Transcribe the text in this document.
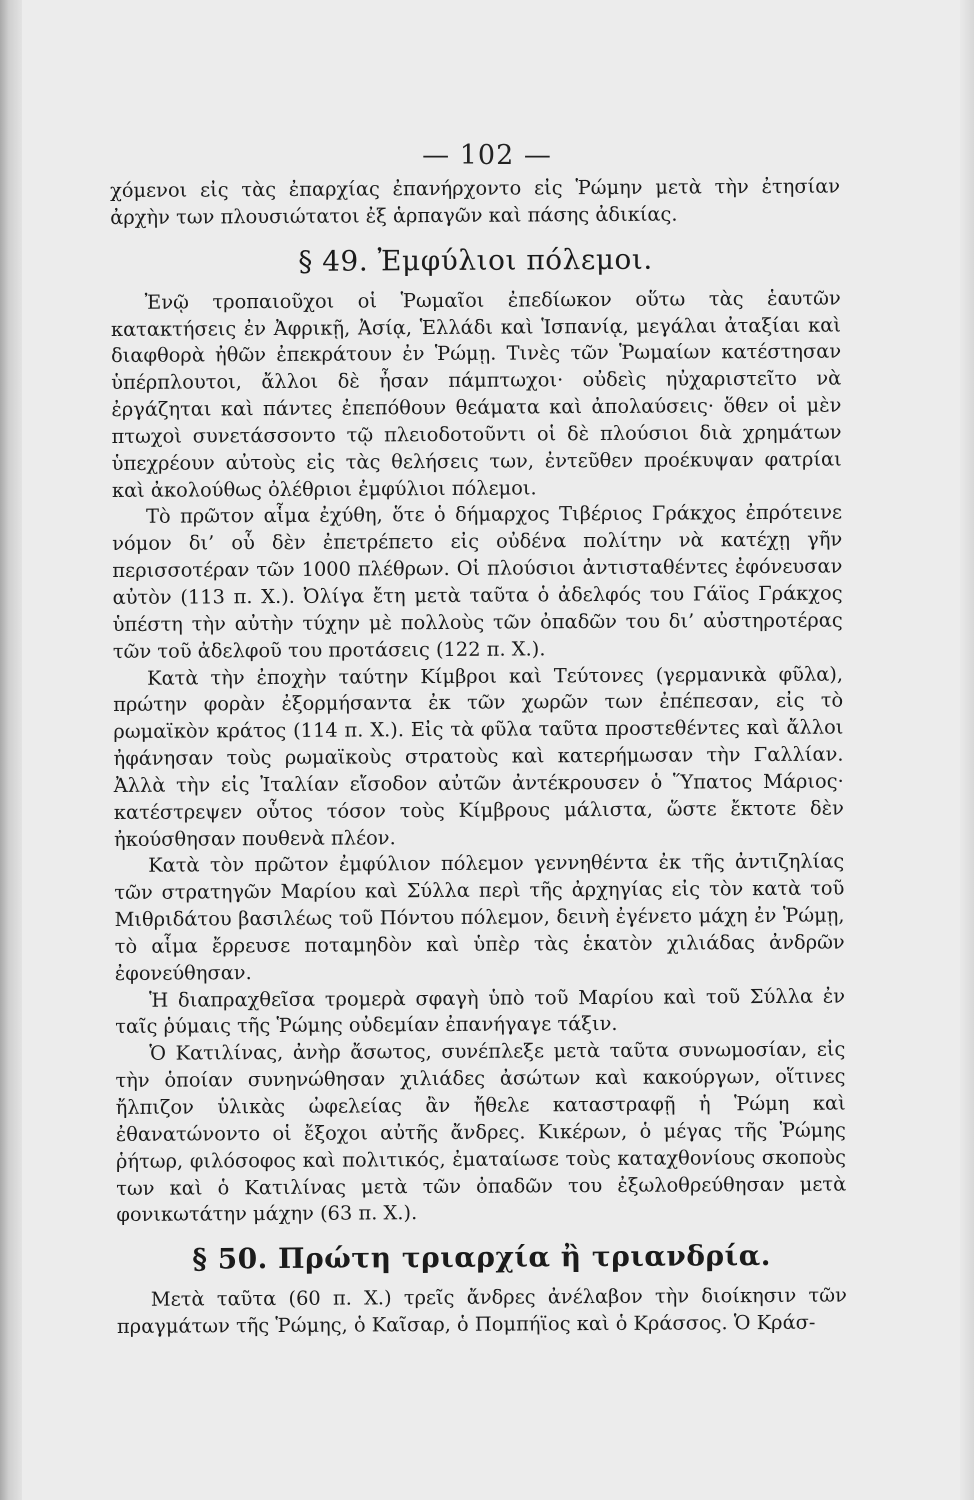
— 102 —

χόμενοι εἰς τὰς ἐπαρχίας ἐπανήρχοντο εἰς Ῥώμην μετὰ τὴν ἐτησίαν ἀρχὴν των πλουσιώτατοι ἐξ ἁρπαγῶν καὶ πάσης ἀδικίας.

§ 49. Ἐμφύλιοι πόλεμοι.

Ἐνῷ τροπαιοῦχοι οἱ Ῥωμαῖοι ἐπεδίωκον οὕτω τὰς ἑαυτῶν κατακτήσεις ἐν Ἀφρικῇ, Ἀσίᾳ, Ἑλλάδι καὶ Ἱσπανίᾳ, μεγάλαι ἀταξίαι καὶ διαφθορὰ ἠθῶν ἐπεκράτουν ἐν Ῥώμῃ. Τινὲς τῶν Ῥωμαίων κατέστησαν ὑπέρπλουτοι, ἄλλοι δὲ ἦσαν πάμπτωχοι· οὐδεὶς ηὐχαριστεῖτο νὰ ἐργάζηται καὶ πάντες ἐπεπόθουν θεάματα καὶ ἀπολαύσεις· ὅθεν οἱ μὲν πτωχοὶ συνετάσσοντο τῷ πλειοδοτοῦντι οἱ δὲ πλούσιοι διὰ χρημάτων ὑπεχρέουν αὐτοὺς εἰς τὰς θελήσεις των, ἐντεῦθεν προέκυψαν φατρίαι καὶ ἀκολούθως ὀλέθριοι ἐμφύλιοι πόλεμοι.

Τὸ πρῶτον αἷμα ἐχύθη, ὅτε ὁ δήμαρχος Τιβέριος Γράκχος ἐπρότεινε νόμον δι’ οὗ δὲν ἐπετρέπετο εἰς οὐδένα πολίτην νὰ κατέχῃ γῆν περισσοτέραν τῶν 1000 πλέθρων. Οἱ πλούσιοι ἀντισταθέντες ἐφόνευσαν αὐτὸν (113 π. Χ.). Ὀλίγα ἔτη μετὰ ταῦτα ὁ ἀδελφός του Γάϊος Γράκχος ὑπέστη τὴν αὐτὴν τύχην μὲ πολλοὺς τῶν ὀπαδῶν του δι’ αὐστηροτέρας τῶν τοῦ ἀδελφοῦ του προτάσεις (122 π. Χ.).

Κατὰ τὴν ἐποχὴν ταύτην Κίμβροι καὶ Τεύτονες (γερμανικὰ φῦλα), πρώτην φορὰν ἐξορμήσαντα ἐκ τῶν χωρῶν των ἐπέπεσαν, εἰς τὸ ρωμαϊκὸν κράτος (114 π. Χ.). Εἰς τὰ φῦλα ταῦτα προστεθέντες καὶ ἄλλοι ἠφάνησαν τοὺς ρωμαϊκοὺς στρατοὺς καὶ κατερήμωσαν τὴν Γαλλίαν. Ἀλλὰ τὴν εἰς Ἰταλίαν εἴσοδον αὐτῶν ἀντέκρουσεν ὁ Ὕπατος Μάριος· κατέστρεψεν οὗτος τόσον τοὺς Κίμβρους μάλιστα, ὥστε ἔκτοτε δὲν ἠκούσθησαν πουθενὰ πλέον.

Κατὰ τὸν πρῶτον ἐμφύλιον πόλεμον γεννηθέντα ἐκ τῆς ἀντιζηλίας τῶν στρατηγῶν Μαρίου καὶ Σύλλα περὶ τῆς ἀρχηγίας εἰς τὸν κατὰ τοῦ Μιθριδάτου βασιλέως τοῦ Πόντου πόλεμον, δεινὴ ἐγένετο μάχη ἐν Ῥώμῃ, τὸ αἷμα ἔρρευσε ποταμηδὸν καὶ ὑπὲρ τὰς ἑκατὸν χιλιάδας ἀνδρῶν ἐφονεύθησαν.

Ἡ διαπραχθεῖσα τρομερὰ σφαγὴ ὑπὸ τοῦ Μαρίου καὶ τοῦ Σύλλα ἐν ταῖς ῥύμαις τῆς Ῥώμης οὐδεμίαν ἐπανήγαγε τάξιν.

Ὁ Κατιλίνας, ἀνὴρ ἄσωτος, συνέπλεξε μετὰ ταῦτα συνωμοσίαν, εἰς τὴν ὁποίαν συνηνώθησαν χιλιάδες ἀσώτων καὶ κακούργων, οἵτινες ἤλπιζον ὑλικὰς ὠφελείας ἂν ἤθελε καταστραφῇ ἡ Ῥώμη καὶ ἐθανατώνοντο οἱ ἔξοχοι αὐτῆς ἄνδρες. Κικέρων, ὁ μέγας τῆς Ῥώμης ῥήτωρ, φιλόσοφος καὶ πολιτικός, ἐματαίωσε τοὺς καταχθονίους σκοποὺς των καὶ ὁ Κατιλίνας μετὰ τῶν ὀπαδῶν του ἐξωλοθρεύθησαν μετὰ φονικωτάτην μάχην (63 π. Χ.).

§ 50. Πρώτη τριαρχία ἢ τριανδρία.

Μετὰ ταῦτα (60 π. Χ.) τρεῖς ἄνδρες ἀνέλαβον τὴν διοίκησιν τῶν πραγμάτων τῆς Ῥώμης, ὁ Καῖσαρ, ὁ Πομπήϊος καὶ ὁ Κράσσος. Ὁ Κράσ-
